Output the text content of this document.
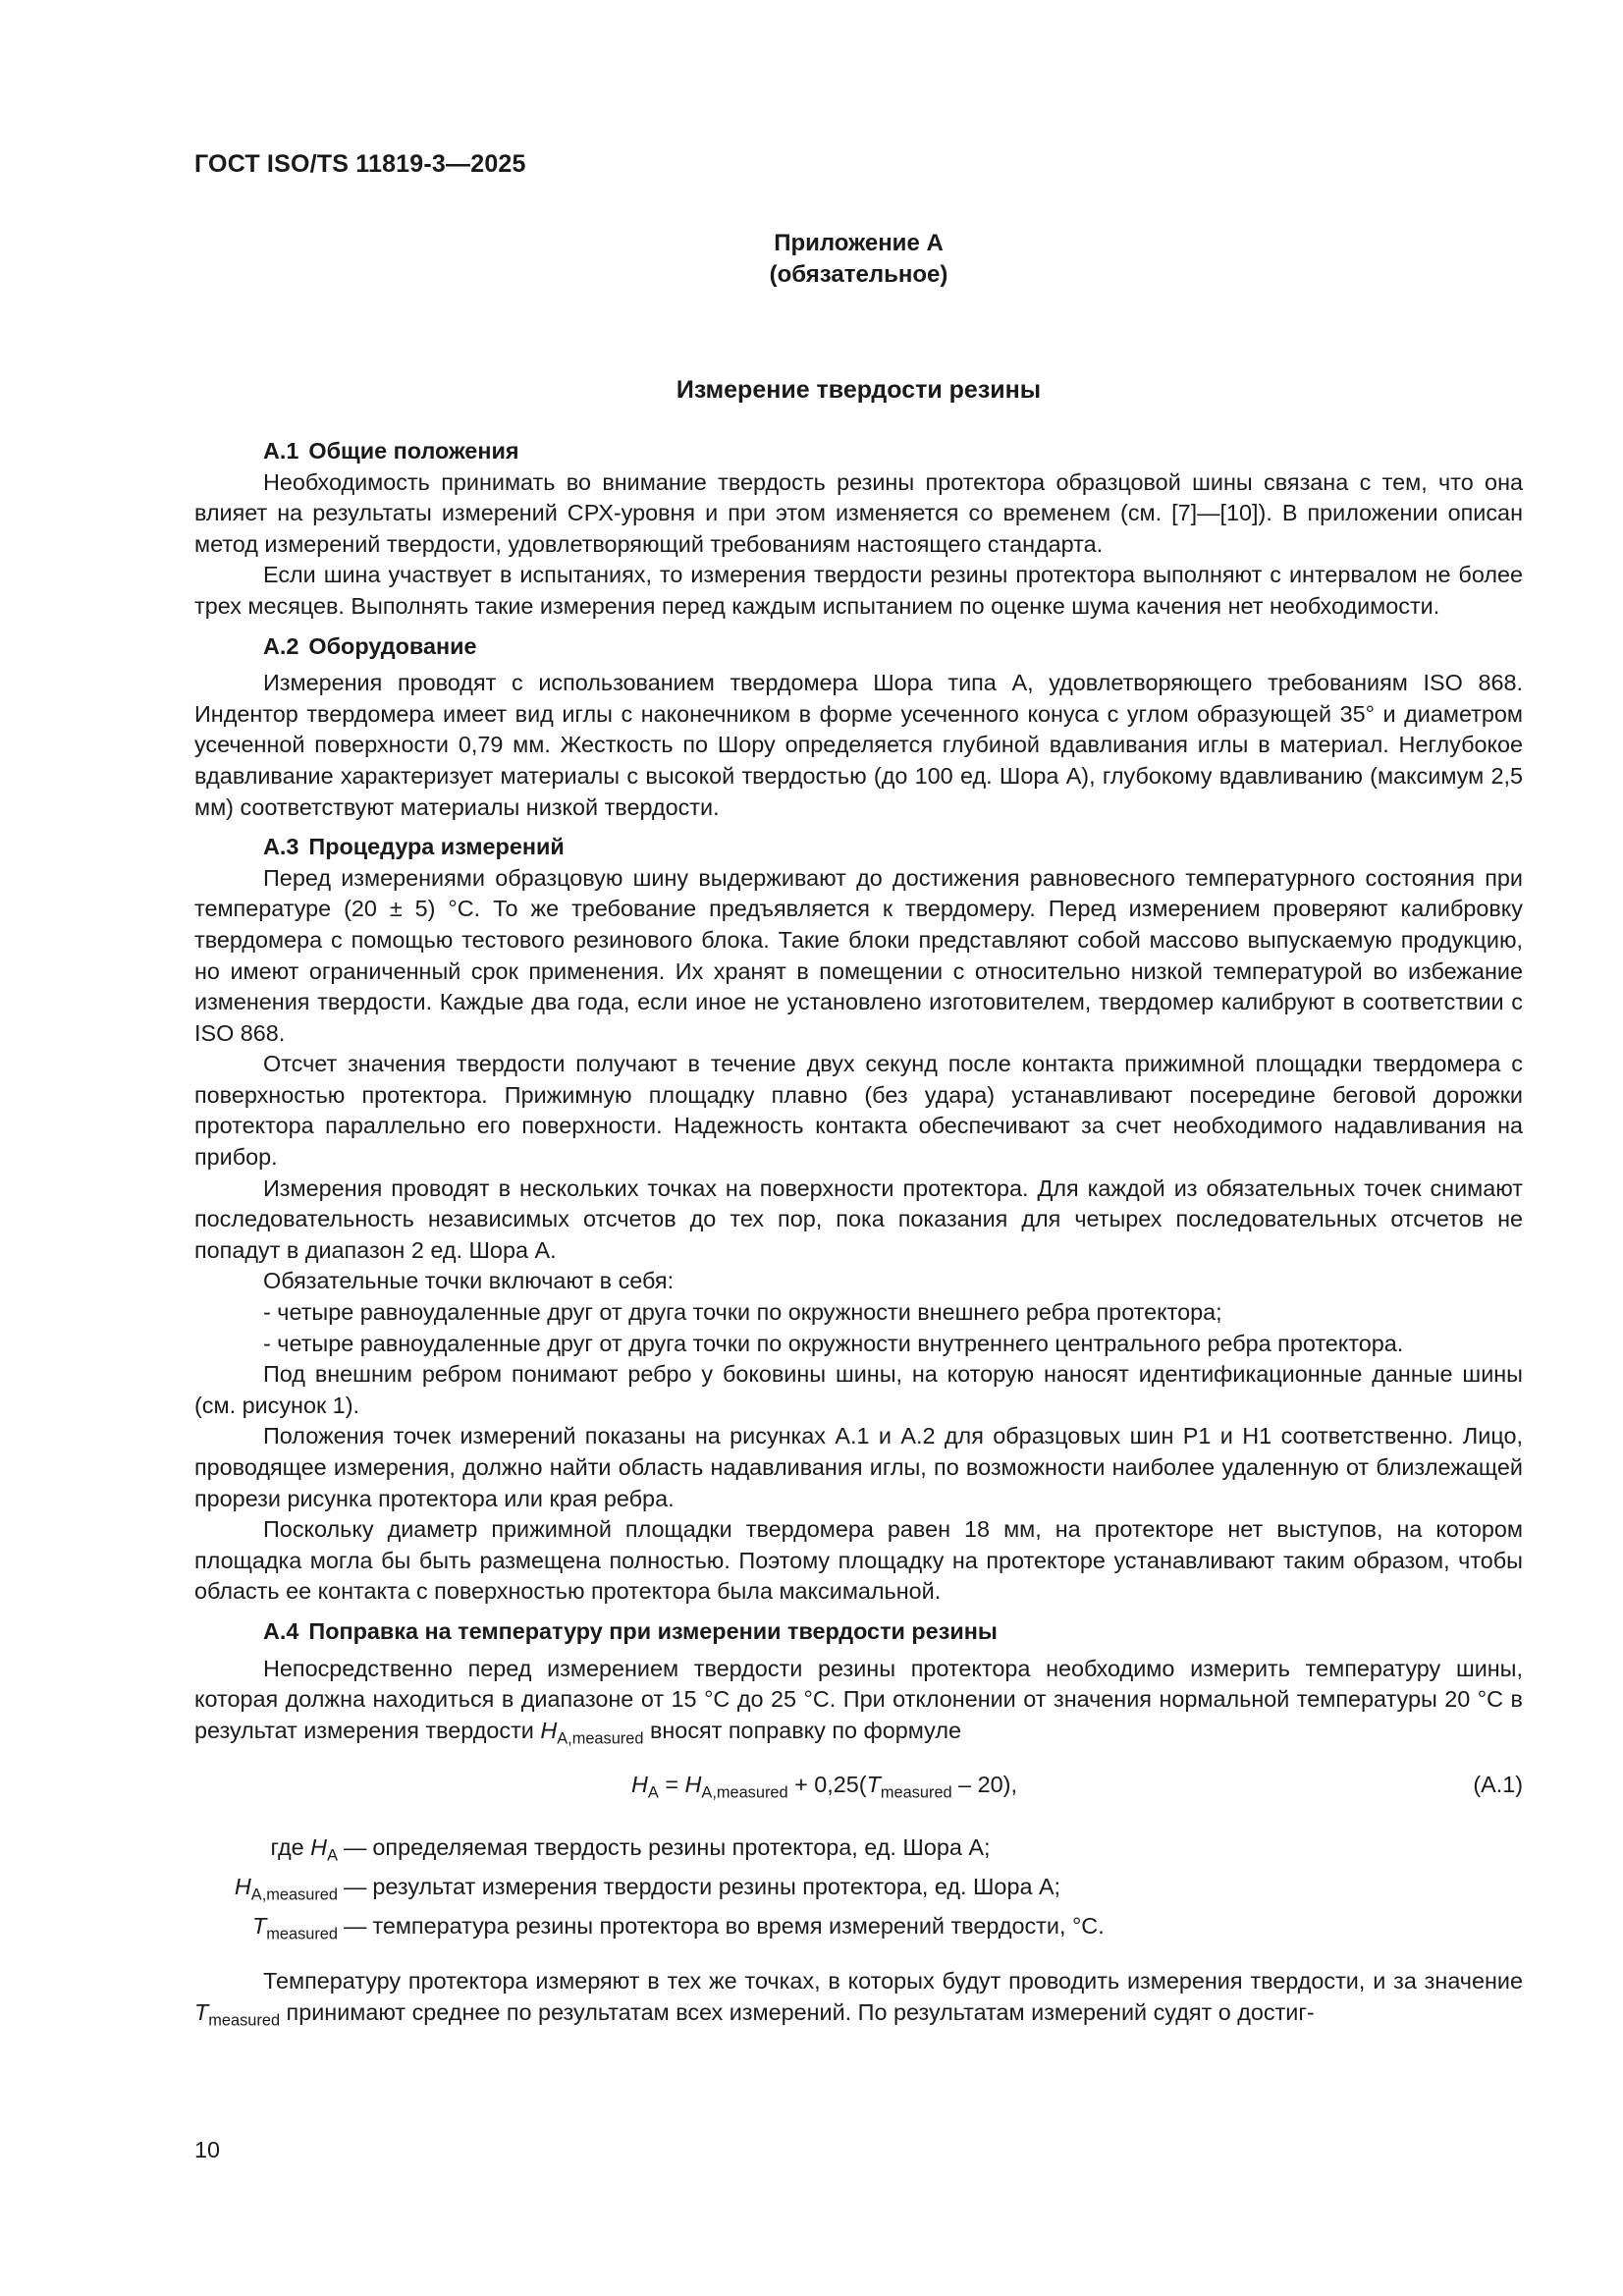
ГОСТ ISO/TS 11819-3—2025
Приложение А
(обязательное)
Измерение твердости резины
А.1 Общие положения

Необходимость принимать во внимание твердость резины протектора образцовой шины связана с тем, что она влияет на результаты измерений СРХ-уровня и при этом изменяется со временем (см. [7]—[10]). В приложении описан метод измерений твердости, удовлетворяющий требованиям настоящего стандарта.

Если шина участвует в испытаниях, то измерения твердости резины протектора выполняют с интервалом не более трех месяцев. Выполнять такие измерения перед каждым испытанием по оценке шума качения нет необходимости.

А.2 Оборудование

Измерения проводят с использованием твердомера Шора типа А, удовлетворяющего требованиям ISO 868. Индентор твердомера имеет вид иглы с наконечником в форме усеченного конуса с углом образующей 35° и диаметром усеченной поверхности 0,79 мм. Жесткость по Шору определяется глубиной вдавливания иглы в материал. Неглубокое вдавливание характеризует материалы с высокой твердостью (до 100 ед. Шора А), глубокому вдавливанию (максимум 2,5 мм) соответствуют материалы низкой твердости.

А.3 Процедура измерений

Перед измерениями образцовую шину выдерживают до достижения равновесного температурного состояния при температуре (20 ± 5) °С. То же требование предъявляется к твердомеру. Перед измерением проверяют калибровку твердомера с помощью тестового резинового блока. Такие блоки представляют собой массово выпускаемую продукцию, но имеют ограниченный срок применения. Их хранят в помещении с относительно низкой температурой во избежание изменения твердости. Каждые два года, если иное не установлено изготовителем, твердомер калибруют в соответствии с ISO 868.

Отсчет значения твердости получают в течение двух секунд после контакта прижимной площадки твердомера с поверхностью протектора. Прижимную площадку плавно (без удара) устанавливают посередине беговой дорожки протектора параллельно его поверхности. Надежность контакта обеспечивают за счет необходимого надавливания на прибор.

Измерения проводят в нескольких точках на поверхности протектора. Для каждой из обязательных точек снимают последовательность независимых отсчетов до тех пор, пока показания для четырех последовательных отсчетов не попадут в диапазон 2 ед. Шора А.

Обязательные точки включают в себя:

- четыре равноудаленные друг от друга точки по окружности внешнего ребра протектора;

- четыре равноудаленные друг от друга точки по окружности внутреннего центрального ребра протектора.

Под внешним ребром понимают ребро у боковины шины, на которую наносят идентификационные данные шины (см. рисунок 1).

Положения точек измерений показаны на рисунках А.1 и А.2 для образцовых шин Р1 и Н1 соответственно. Лицо, проводящее измерения, должно найти область надавливания иглы, по возможности наиболее удаленную от близлежащей прорези рисунка протектора или края ребра.

Поскольку диаметр прижимной площадки твердомера равен 18 мм, на протекторе нет выступов, на котором площадка могла бы быть размещена полностью. Поэтому площадку на протекторе устанавливают таким образом, чтобы область ее контакта с поверхностью протектора была максимальной.

А.4 Поправка на температуру при измерении твердости резины

Непосредственно перед измерением твердости резины протектора необходимо измерить температуру шины, которая должна находиться в диапазоне от 15 °С до 25 °С. При отклонении от значения нормальной температуры 20 °С в результат измерения твердости $H_{A,measured}$ вносят поправку по формуле

$H_A = H_{A,measured} + 0,25(T_{measured} - 20)$,	(А.1)
где $H_A$ — определяемая твердость резины протектора, ед. Шора А;
$H_{A,measured}$ — результат измерения твердости резины протектора, ед. Шора А;
$T_{measured}$ — температура резины протектора во время измерений твердости, °С.

Температуру протектора измеряют в тех же точках, в которых будут проводить измерения твердости, и за значение $T_{measured}$ принимают среднее по результатам всех измерений. По результатам измерений судят о достиг-

10
